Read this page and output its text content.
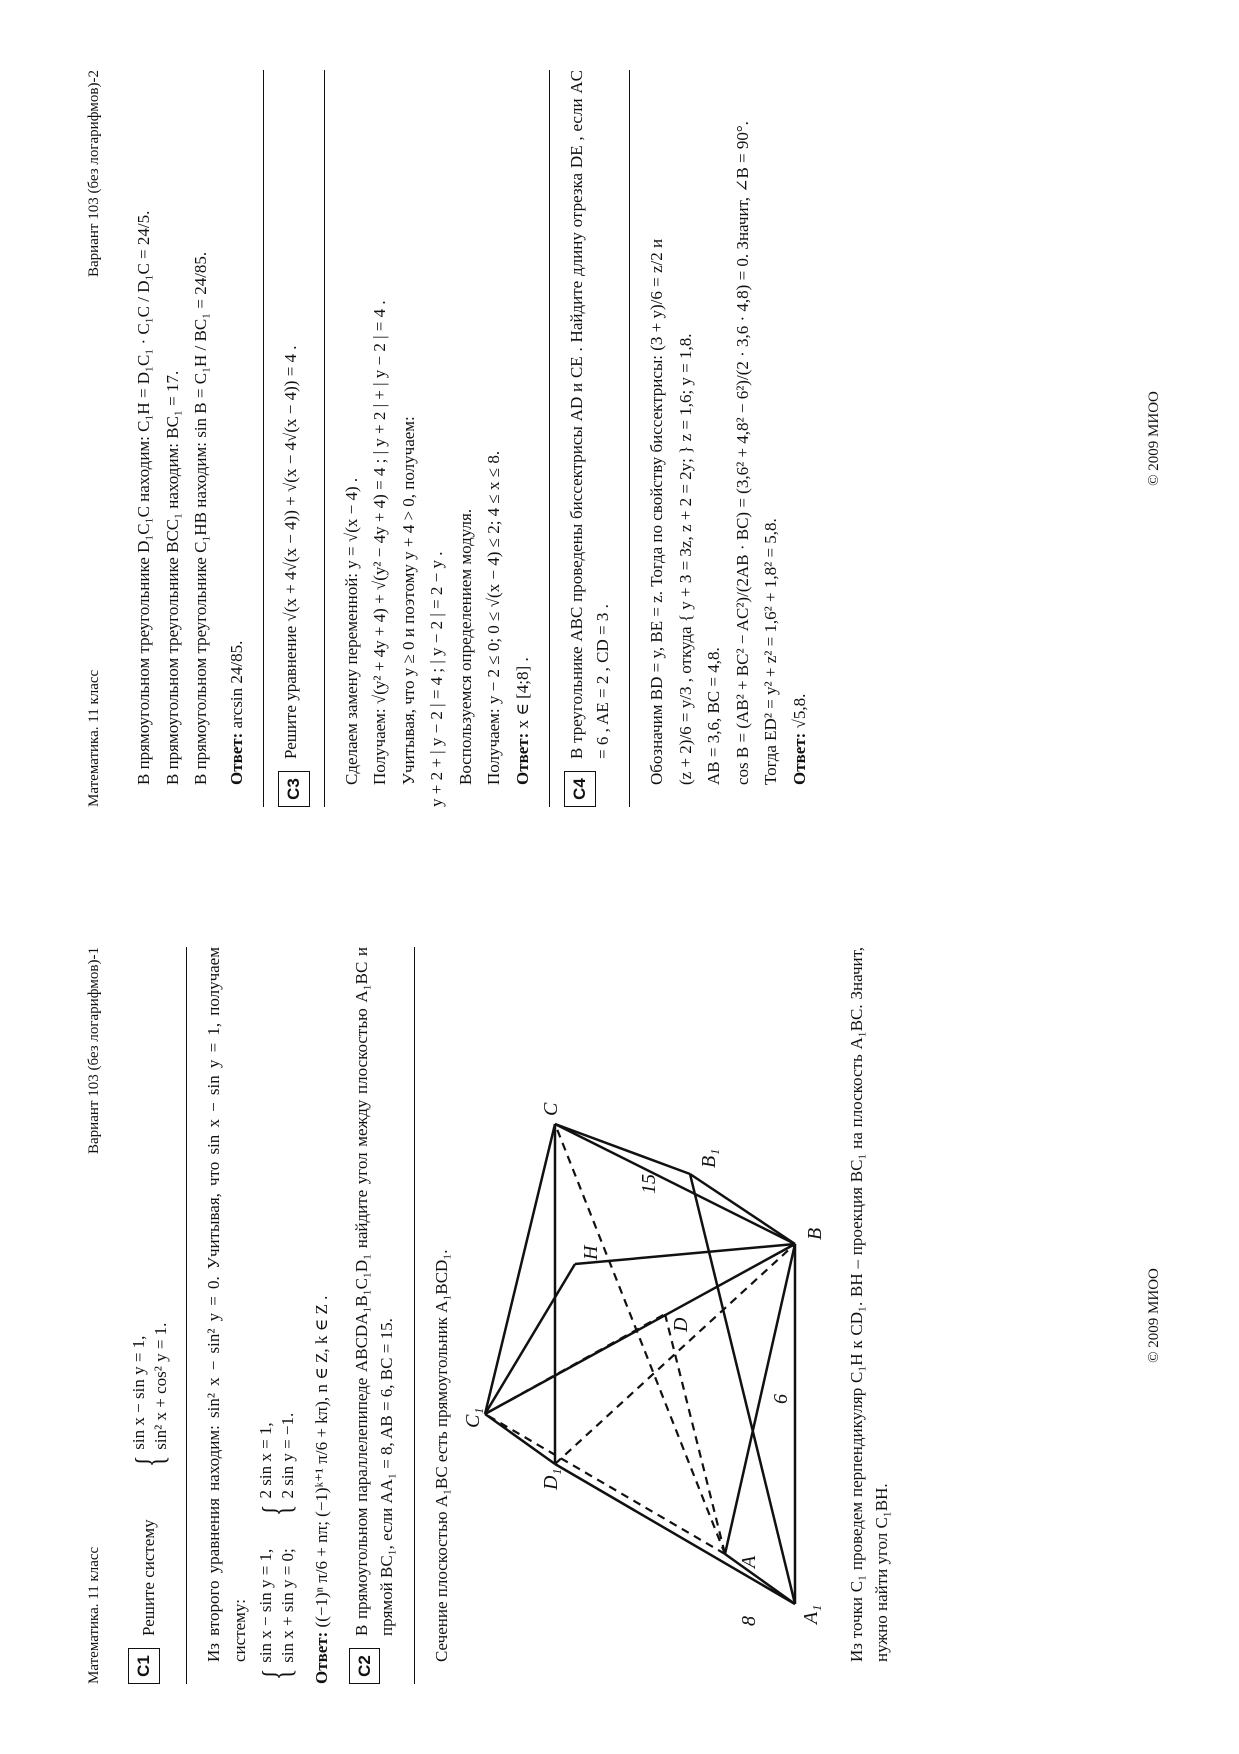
Математика. 11 класс
Вариант 103 (без логарифмов)-1
С1
Решите систему
{
sin x − sin y = 1, sin² x + cos² y = 1. Из второго уравнения находим: sin² x − sin² y = 0. Учитывая, что sin x − sin y = 1, получаем систему:

{
sin x − sin y = 1, sin x + sin y = 0;

{
2 sin x = 1, 2 sin y = −1.

Ответ: ((−1)ⁿ π/6 + nπ; (−1)ᵏ⁺¹ π/6 + kπ), n ∈ Z, k ∈ Z .

С2
В прямоугольном параллелепипеде ABCDA₁B₁C₁D₁ найдите угол между плоскостью A₁BC и прямой BC₁, если AA₁ = 8, AB = 6, BC = 15. Сечение плоскостью A₁BC есть прямоугольник A₁BCD₁.	A₁
A
B
B₁
C
C₁
D₁
D
H
8
6
15	Из точки C₁ проведем перпендикуляр C₁H к CD₁. BH – проекция BC₁ на плоскость A₁BC. Значит, нужно найти угол C₁BH.

© 2009 МИОО
Математика. 11 класс
Вариант 103 (без логарифмов)-2

В прямоугольном треугольнике D₁C₁C находим: C₁H = D₁C₁ · C₁C / D₁C = 24/5. В прямоугольном треугольнике BCC₁ находим: BC₁ = 17. В прямоугольном треугольнике C₁HB находим: sin B = C₁H / BC₁ = 24/85. Ответ: arcsin 24/85.

С3
Решите уравнение √(x + 4√(x − 4)) + √(x − 4√(x − 4)) = 4 . Сделаем замену переменной: y = √(x − 4) . Получаем: √(y² + 4y + 4) + √(y² − 4y + 4) = 4 ; | y + 2 | + | y − 2 | = 4 . Учитывая, что y ≥ 0 и поэтому y + 4 > 0, получаем: y + 2 + | y − 2 | = 4 ; | y − 2 | = 2 − y . Воспользуемся определением модуля. Получаем: y − 2 ≤ 0; 0 ≤ √(x − 4) ≤ 2; 4 ≤ x ≤ 8. Ответ: x ∈ [4;8] .

С4
В треугольнике ABC проведены биссектрисы AD и CE . Найдите длину отрезка DE , если AC = 6 , AE = 2 , CD = 3 . Обозначим BD = y, BE = z. Тогда по свойству биссектрисы: (3 + y)/6 = z/2 и (z + 2)/6 = y/3 , откуда { y + 3 = 3z, z + 2 = 2y; } z = 1,6; y = 1,8. AB = 3,6, BC = 4,8. cos B = (AB² + BC² − AC²)/(2AB · BC) = (3,6² + 4,8² − 6²)/(2 · 3,6 · 4,8) = 0. Значит, ∠B = 90°. Тогда ED² = y² + z² = 1,6² + 1,8² = 5,8. Ответ: √5,8.

© 2009 МИОО
